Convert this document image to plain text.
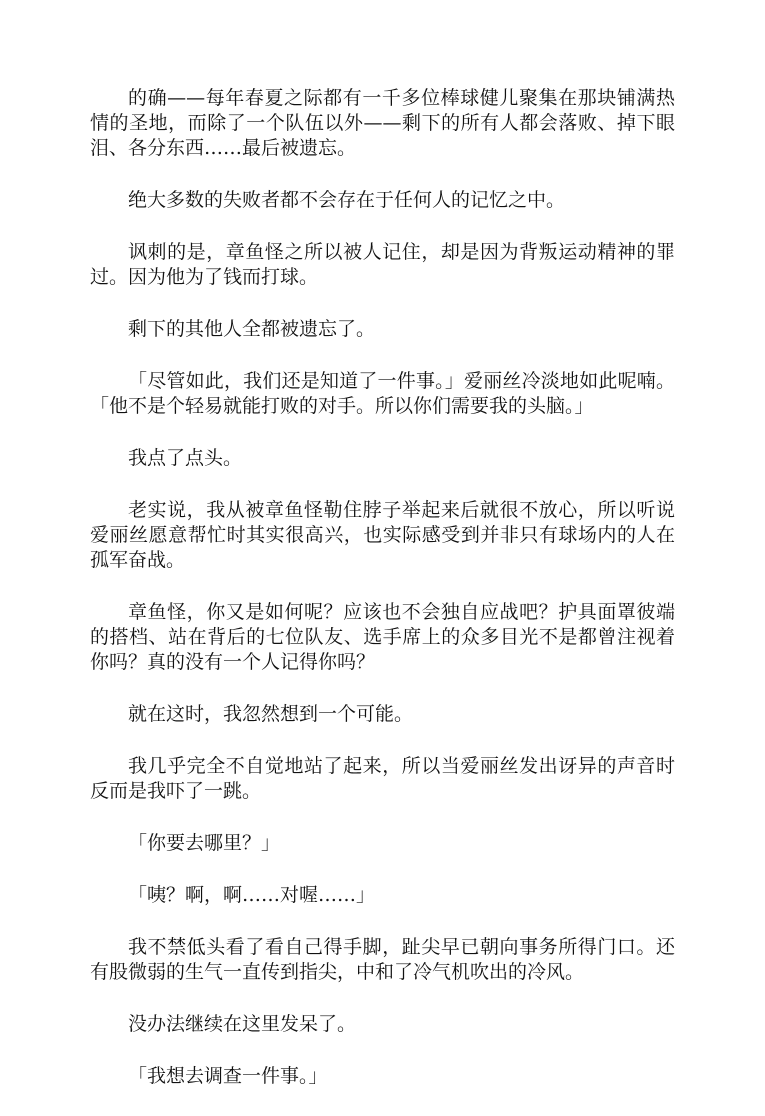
的确——每年春夏之际都有一千多位棒球健儿聚集在那块铺满热情的圣地，而除了一个队伍以外——剩下的所有人都会落败、掉下眼泪、各分东西……最后被遗忘。

绝大多数的失败者都不会存在于任何人的记忆之中。

讽刺的是，章鱼怪之所以被人记住，却是因为背叛运动精神的罪过。因为他为了钱而打球。

剩下的其他人全都被遗忘了。

「尽管如此，我们还是知道了一件事。」爱丽丝冷淡地如此呢喃。「他不是个轻易就能打败的对手。所以你们需要我的头脑。」

我点了点头。

老实说，我从被章鱼怪勒住脖子举起来后就很不放心，所以听说爱丽丝愿意帮忙时其实很高兴，也实际感受到并非只有球场内的人在孤军奋战。

章鱼怪，你又是如何呢？应该也不会独自应战吧？护具面罩彼端的搭档、站在背后的七位队友、选手席上的众多目光不是都曾注视着你吗？真的没有一个人记得你吗？

就在这时，我忽然想到一个可能。

我几乎完全不自觉地站了起来，所以当爱丽丝发出讶异的声音时反而是我吓了一跳。

「你要去哪里？」

「咦？啊，啊……对喔……」

我不禁低头看了看自己得手脚，趾尖早已朝向事务所得门口。还有股微弱的生气一直传到指尖，中和了冷气机吹出的冷风。

没办法继续在这里发呆了。

「我想去调查一件事。」
